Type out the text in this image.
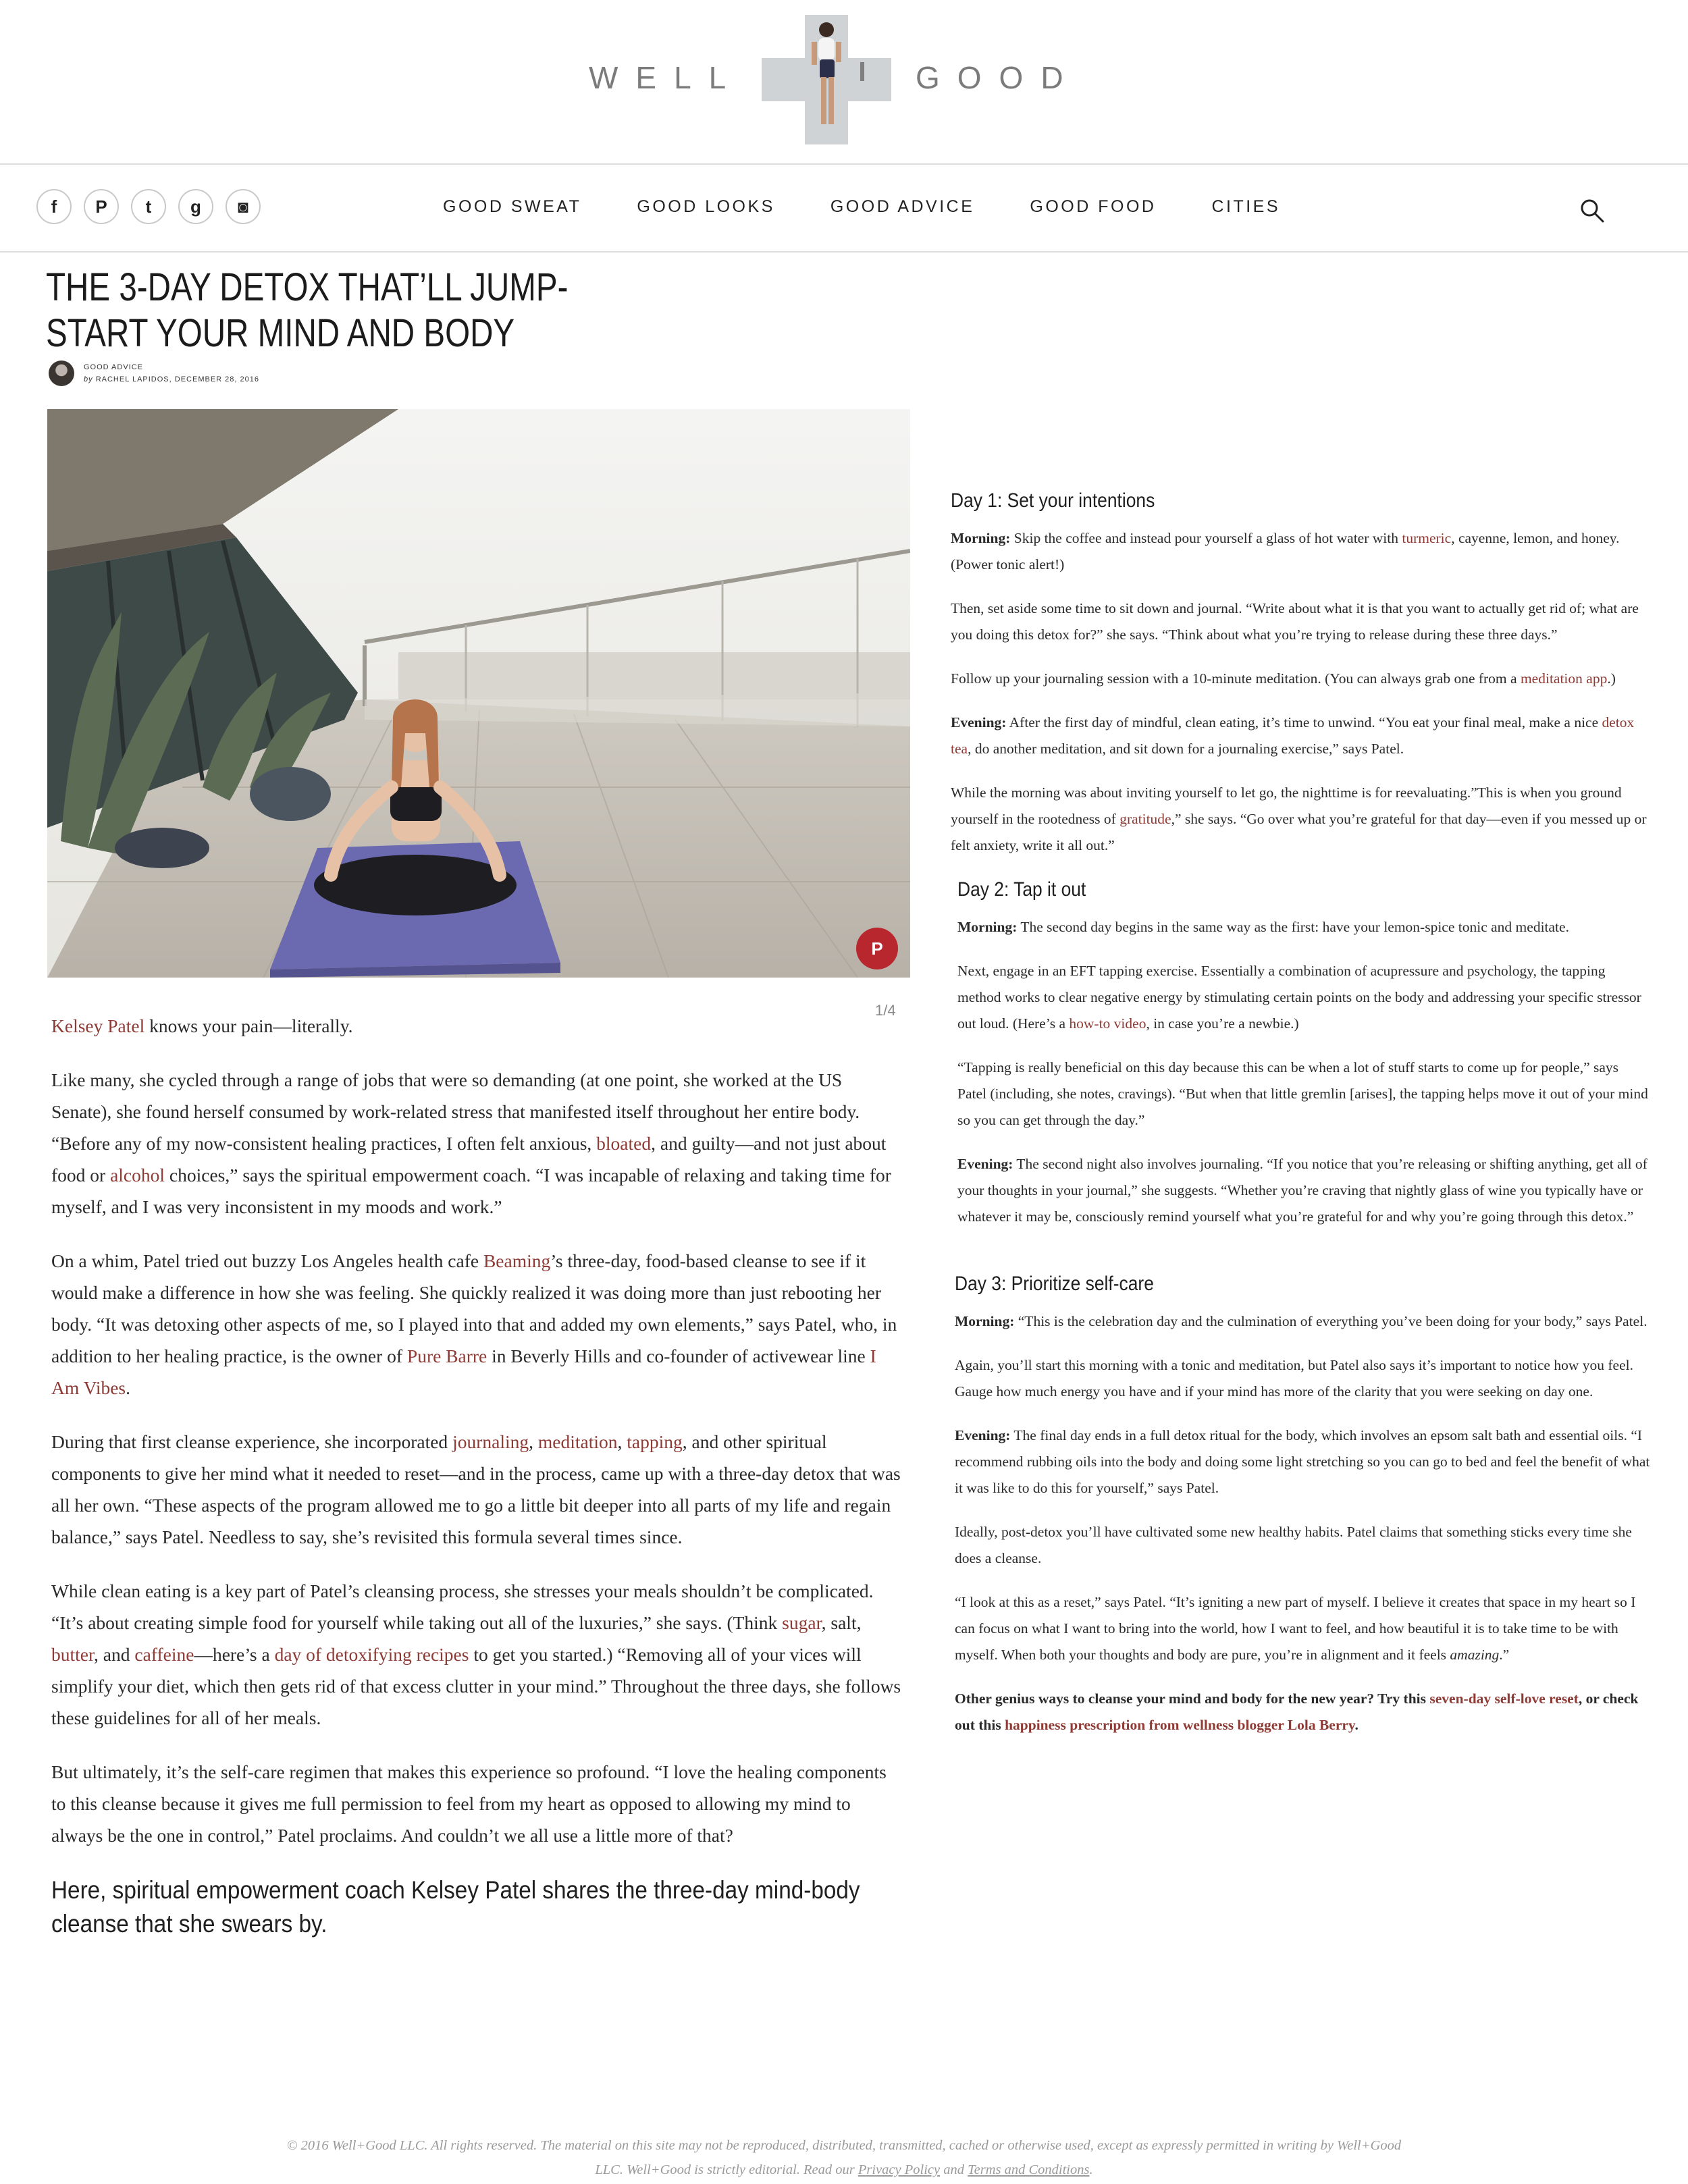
WELL	GOOD
f	P	t	g	◙	GOOD SWEAT	GOOD LOOKS	GOOD ADVICE	GOOD FOOD	CITIES
THE 3-DAY DETOX THAT’LL JUMP-START YOUR MIND AND BODY
GOOD ADVICE
by RACHEL LAPIDOS, DECEMBER 28, 2016
P
1/4

Kelsey Patel knows your pain—literally.

Like many, she cycled through a range of jobs that were so demanding (at one point, she worked at the US Senate), she found herself consumed by work-related stress that manifested itself throughout her entire body. “Before any of my now-consistent healing practices, I often felt anxious, bloated, and guilty—and not just about food or alcohol choices,” says the spiritual empowerment coach. “I was incapable of relaxing and taking time for myself, and I was very inconsistent in my moods and work.”

On a whim, Patel tried out buzzy Los Angeles health cafe Beaming’s three-day, food-based cleanse to see if it would make a difference in how she was feeling. She quickly realized it was doing more than just rebooting her body. “It was detoxing other aspects of me, so I played into that and added my own elements,” says Patel, who, in addition to her healing practice, is the owner of Pure Barre in Beverly Hills and co-founder of activewear line I Am Vibes.

During that first cleanse experience, she incorporated journaling, meditation, tapping, and other spiritual components to give her mind what it needed to reset—and in the process, came up with a three-day detox that was all her own. “These aspects of the program allowed me to go a little bit deeper into all parts of my life and regain balance,” says Patel. Needless to say, she’s revisited this formula several times since.

While clean eating is a key part of Patel’s cleansing process, she stresses your meals shouldn’t be complicated. “It’s about creating simple food for yourself while taking out all of the luxuries,” she says. (Think sugar, salt, butter, and caffeine—here’s a day of detoxifying recipes to get you started.) “Removing all of your vices will simplify your diet, which then gets rid of that excess clutter in your mind.” Throughout the three days, she follows these guidelines for all of her meals.

But ultimately, it’s the self-care regimen that makes this experience so profound. “I love the healing components to this cleanse because it gives me full permission to feel from my heart as opposed to allowing my mind to always be the one in control,” Patel proclaims. And couldn’t we all use a little more of that?

Here, spiritual empowerment coach Kelsey Patel shares the three-day mind-body cleanse that she swears by.
Day 1: Set your intentions

Morning: Skip the coffee and instead pour yourself a glass of hot water with turmeric, cayenne, lemon, and honey. (Power tonic alert!)

Then, set aside some time to sit down and journal. “Write about what it is that you want to actually get rid of; what are you doing this detox for?” she says. “Think about what you’re trying to release during these three days.”

Follow up your journaling session with a 10-minute meditation. (You can always grab one from a meditation app.)

Evening: After the first day of mindful, clean eating, it’s time to unwind. “You eat your final meal, make a nice detox tea, do another meditation, and sit down for a journaling exercise,” says Patel.

While the morning was about inviting yourself to let go, the nighttime is for reevaluating.”This is when you ground yourself in the rootedness of gratitude,” she says. “Go over what you’re grateful for that day—even if you messed up or felt anxiety, write it all out.”

Day 2: Tap it out

Morning: The second day begins in the same way as the first: have your lemon-spice tonic and meditate.

Next, engage in an EFT tapping exercise. Essentially a combination of acupressure and psychology, the tapping method works to clear negative energy by stimulating certain points on the body and addressing your specific stressor out loud. (Here’s a how-to video, in case you’re a newbie.)

“Tapping is really beneficial on this day because this can be when a lot of stuff starts to come up for people,” says Patel (including, she notes, cravings). “But when that little gremlin [arises], the tapping helps move it out of your mind so you can get through the day.”

Evening: The second night also involves journaling. “If you notice that you’re releasing or shifting anything, get all of your thoughts in your journal,” she suggests. “Whether you’re craving that nightly glass of wine you typically have or whatever it may be, consciously remind yourself what you’re grateful for and why you’re going through this detox.”

Day 3: Prioritize self-care

Morning: “This is the celebration day and the culmination of everything you’ve been doing for your body,” says Patel.

Again, you’ll start this morning with a tonic and meditation, but Patel also says it’s important to notice how you feel. Gauge how much energy you have and if your mind has more of the clarity that you were seeking on day one.

Evening: The final day ends in a full detox ritual for the body, which involves an epsom salt bath and essential oils. “I recommend rubbing oils into the body and doing some light stretching so you can go to bed and feel the benefit of what it was like to do this for yourself,” says Patel.

Ideally, post-detox you’ll have cultivated some new healthy habits. Patel claims that something sticks every time she does a cleanse.

“I look at this as a reset,” says Patel. “It’s igniting a new part of myself. I believe it creates that space in my heart so I can focus on what I want to bring into the world, how I want to feel, and how beautiful it is to take time to be with myself. When both your thoughts and body are pure, you’re in alignment and it feels amazing.”

Other genius ways to cleanse your mind and body for the new year? Try this seven-day self-love reset, or check out this happiness prescription from wellness blogger Lola Berry.

© 2016 Well+Good LLC. All rights reserved. The material on this site may not be reproduced, distributed, transmitted, cached or otherwise used, except as expressly permitted in writing by Well+Good LLC. Well+Good is strictly editorial. Read our Privacy Policy and Terms and Conditions.
